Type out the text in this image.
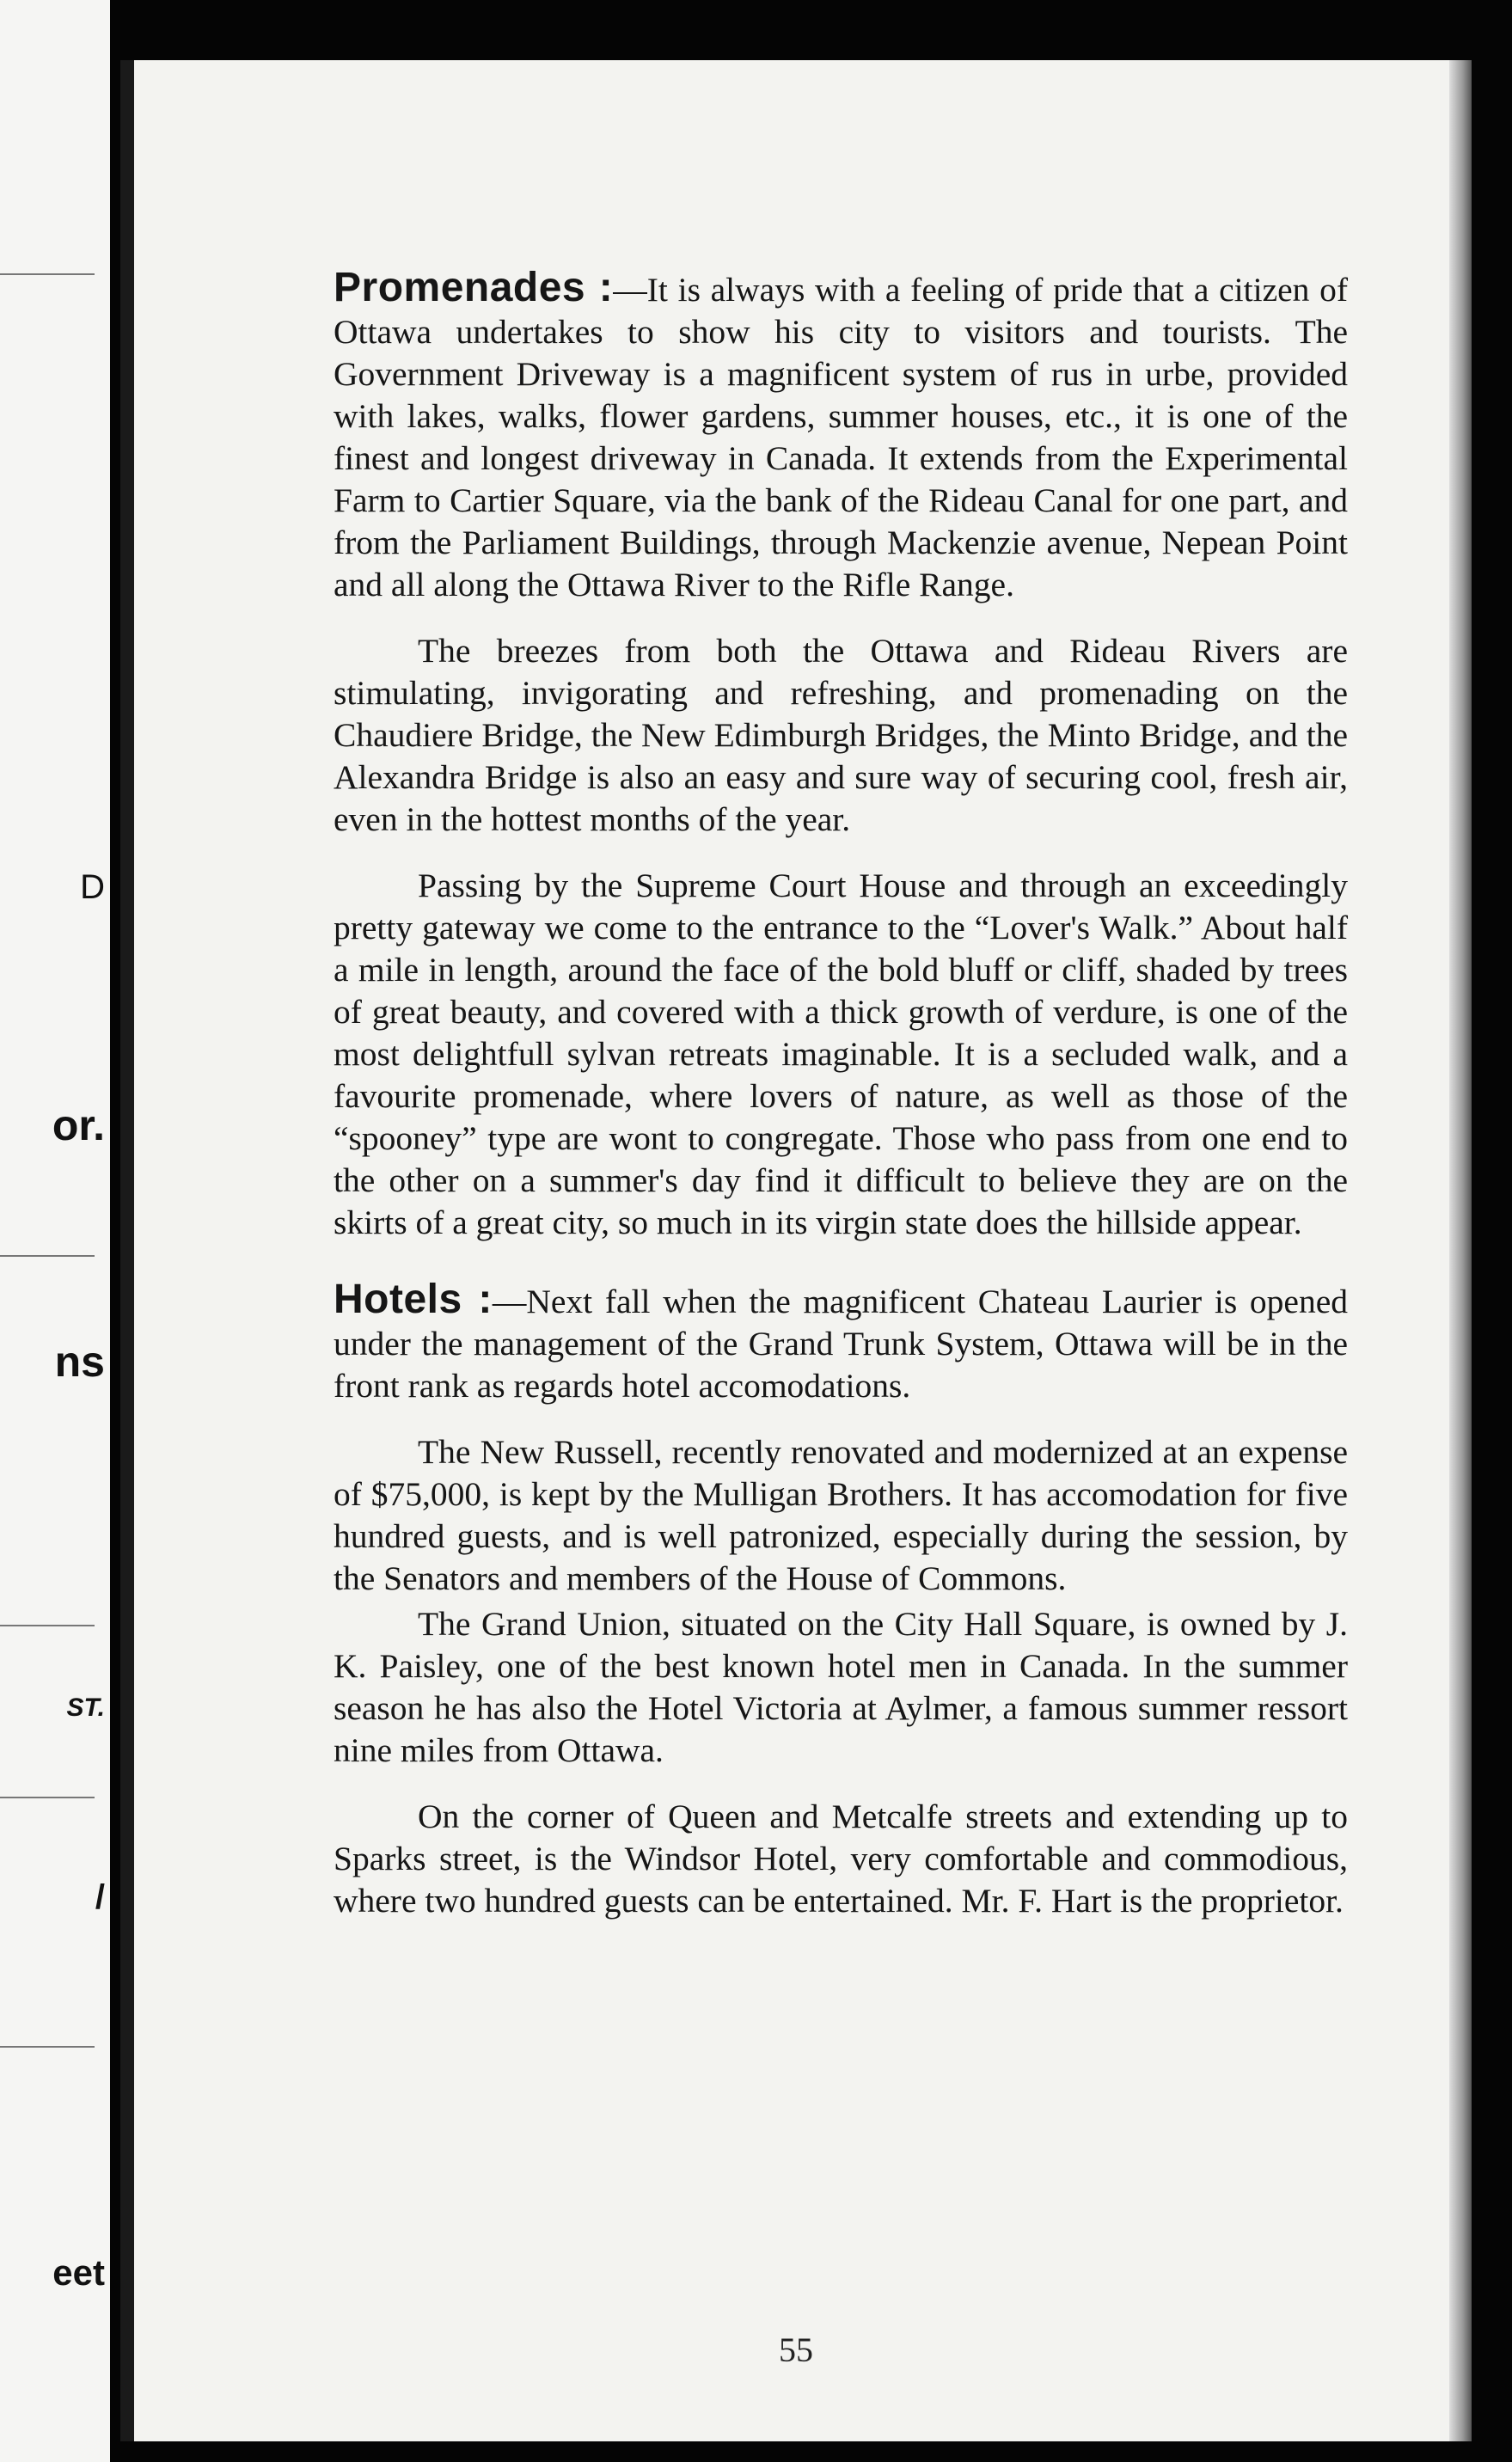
D
or.
ns
ST.
/
eet

Promenades :—It is always with a feeling of pride that a citizen of Ottawa undertakes to show his city to visitors and tourists. The Government Driveway is a magnificent system of rus in urbe, provided with lakes, walks, flower gardens, summer houses, etc., it is one of the finest and longest driveway in Canada. It extends from the Experimental Farm to Cartier Square, via the bank of the Rideau Canal for one part, and from the Parliament Buildings, through Mackenzie avenue, Nepean Point and all along the Ottawa River to the Rifle Range.

The breezes from both the Ottawa and Rideau Rivers are stimulating, invigorating and refreshing, and promenading on the Chaudiere Bridge, the New Edimburgh Bridges, the Minto Bridge, and the Alexandra Bridge is also an easy and sure way of securing cool, fresh air, even in the hottest months of the year.

Passing by the Supreme Court House and through an exceedingly pretty gateway we come to the entrance to the “Lover's Walk.” About half a mile in length, around the face of the bold bluff or cliff, shaded by trees of great beauty, and covered with a thick growth of verdure, is one of the most delightfull sylvan retreats imaginable. It is a secluded walk, and a favourite promenade, where lovers of nature, as well as those of the “spooney” type are wont to congregate. Those who pass from one end to the other on a summer's day find it difficult to believe they are on the skirts of a great city, so much in its virgin state does the hillside appear.

Hotels :—Next fall when the magnificent Chateau Laurier is opened under the management of the Grand Trunk System, Ottawa will be in the front rank as regards hotel accomodations.

The New Russell, recently renovated and modernized at an expense of $75,000, is kept by the Mulligan Brothers. It has accomodation for five hundred guests, and is well patronized, especially during the session, by the Senators and members of the House of Commons.

The Grand Union, situated on the City Hall Square, is owned by J. K. Paisley, one of the best known hotel men in Canada. In the summer season he has also the Hotel Victoria at Aylmer, a famous summer ressort nine miles from Ottawa.

On the corner of Queen and Metcalfe streets and extending up to Sparks street, is the Windsor Hotel, very comfortable and commodious, where two hundred guests can be entertained. Mr. F. Hart is the proprietor.

55
